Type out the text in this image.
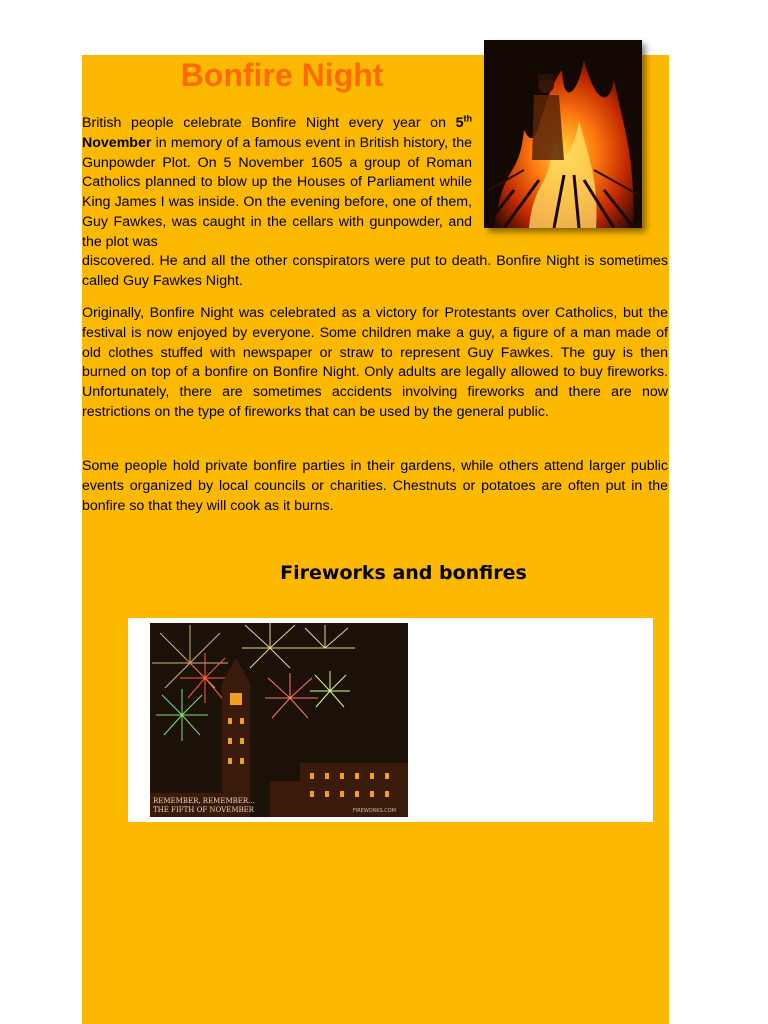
Bonfire Night

British people celebrate Bonfire Night every year on 5th November in memory of a famous event in British history, the Gunpowder Plot. On 5 November 1605 a group of Roman Catholics planned to blow up the Houses of Parliament while King James I was inside. On the evening before, one of them, Guy Fawkes, was caught in the cellars with gunpowder, and the plot was

discovered. He and all the other conspirators were put to death. Bonfire Night is sometimes called Guy Fawkes Night.

Originally, Bonfire Night was celebrated as a victory for Protestants over Catholics, but the festival is now enjoyed by everyone. Some children make a guy, a figure of a man made of old clothes stuffed with newspaper or straw to represent Guy Fawkes. The guy is then burned on top of a bonfire on Bonfire Night. Only adults are legally allowed to buy fireworks. Unfortunately, there are sometimes accidents involving fireworks and there are now restrictions on the type of fireworks that can be used by the general public.

Some people hold private bonfire parties in their gardens, while others attend larger public events organized by local councils or charities. Chestnuts or potatoes are often put in the bonfire so that they will cook as it burns.

Fireworks and bonfires
REMEMBER, REMEMBER...
THE FIFTH OF NOVEMBER	FIREWORKS.COM
